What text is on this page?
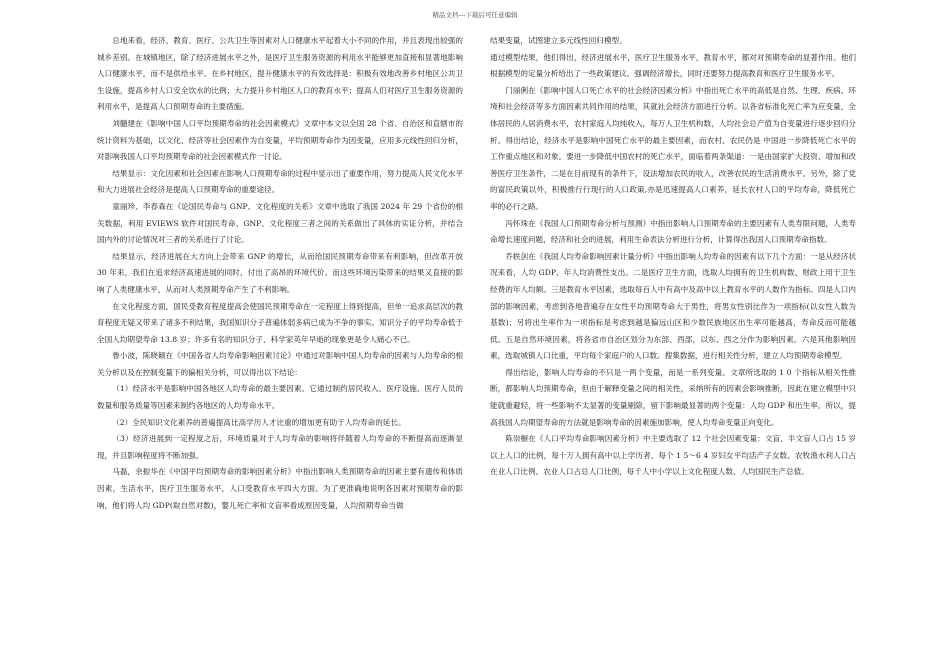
精品文档---下载后可任意编辑

总地来看，经济、教育、医疗、公共卫生等因素对人口健康水平起着大小不同的作用，并且表现出较强的城乡差别。在城镇地区，除了经济进展水平之外，是医疗卫生服务资源的利用水平能够更加直接和显著地影响人口健康水平，而不是供给水平。在乡村地区，提升健康水平的有效选择是：积极有效地改善乡村地区公共卫生设施，提高乡村人口安全饮水的比例；大力提升乡村地区人口的教育水平；提高人们对医疗卫生服务资源的利用水平，是提高人口预期寿命的主要措施。

刘髓建在《影响中国人口平均预期寿命的社会因素模式》文章中本文以全国 28 个省、自治区和直辖市的统计资料为基础，以文化、经济等社会因素作为自变量，平均预期寿命作为因变量，应用多元线性回归分析，对影响我国人口平均预期寿命的社会因素模式作一讨论。

结果显示：文化因素和社会因素在影响人口预期寿命的过程中显示出了重要作用，努力提高人民文化水平和大力进展社会经济是提高人口预期寿命的重要途径。

童丽珍、李春森在《论国民寿命与 GNP、文化程度的关系》文章中选取了我国 2024 年 29 个省份的相关数据，利用 EVIEWS 软件对国民寿命、GNP、文化程度三者之间的关系做出了具体的实证分析，并结合国内外的讨论情况对三者的关系进行了讨论。

结果显示，经济进展在大方向上会带来 GNP 的增长，从而给国民预期寿命带来有利影响，但改革开放 30 年来，我们在追求经济高速进展的同时，付出了高昂的环境代价。而这些环境污染带来的结果又直接的影响了人类健康水平，从而对人类预期寿命产生了不利影响。

在文化程度方面，国民受教育程度提高会使国民预期寿命在一定程度上得到提高，但单一追求高层次的教育程度无疑又带来了诸多不利结果，我国知识分子普遍体弱多病已成为不争的事实。知识分子的平均寿命低于全国人均期望寿命 13.8 岁；许多有名的知识分子、科学家英年早逝的现象更是令人痛心不已。

鲁小波，陈晓颖在《中国各省人均寿命影响因素讨论》中通过对影响中国人均寿命的因素与人均寿命的相关分析以及在控制变量下的偏相关分析，可以得出以下结论：

（1）经济水平是影响中国各地区人均寿命的最主要因素。它通过制约居民收入、医疗设施、医疗人员的数量和服务质量等因素来制约各地区的人均寿命水平。

（2）全民知识文化素养的普遍提高比高学历人才比重的增加更有助于人均寿命的延长。

（3）经济进展到一定程度之后，环境质量对于人均寿命的影响将伴随着人均寿命的不断提高而逐渐显现，并且影响程度将不断加强。

马磊，余振华在《中国平均预期寿命的影响因素分析》中指出影响人类预期寿命的因素主要有遗传和体质因素，生活水平，医疗卫生服务水平，人口受教育水平四大方面。为了更准确地说明各因素对预期寿命的影响，他们将人均 GDP(取自然对数)，婴儿死亡率和文盲率看成原因变量，人均预期寿命当做

结果变量，试图建立多元线性回归模型。

通过模型结果，他们得出，经济进展水平，医疗卫生服务水平，教育水平，都对对预期寿命的显著作用。他们根据模型的定量分析给出了一些政策建议。强调经济增长，同时还要努力提高教育和医疗卫生服务水平。

门丽俐在《影响中国人口死亡水平的社会经济因素分析》中指出死亡水平的高低是自然、生理、疾病、环境和社会经济等多方面因素共同作用的结果，其就社会经济方面进行分析。以各省标准化死亡率为应变量，全体居民的人居消费水平，农村家庭人均纯收入，每万人卫生机构数，人均社会总产值为自变量进行逐步回归分析。得出结论，经济水平是影响中国死亡水平的最主要因素，而农村、农民仍是 中国进一步降低死亡水平的工作重点地区和对象。要进一步降低中国农村的死亡水平，面临着两条渠道：一是由国家扩大投资、增加和改善医疗卫生条件，二是在目前现有的条件下，设法增加农民的收入，改善农民的生活消费水平。另外，除了党的富民政策以外，积极推行行现行的人口政策,亦是迅速提高人口素养，延长农村人口的平均寿命，降低死亡率的必行之路。

冯怀珠在《我国人口预期寿命分析与预测》中指出影响人口预期寿命的主要因素有人类寿限问题，人类寿命增长速度问题，经济和社会的进展，利用生命表法分析进行分析，计算得出我国人口预期寿命指数。

乔轶剑在《我国人均寿命影响因素计量分析》中指出影响人均寿命的因素有以下几个方面：一是从经济状况来看，人均 GDP、年人均消费性支出。二是医疗卫生方面，选取人均拥有的卫生机构数、财政上用于卫生经费的年人均额。三是教育水平因素，选取每百人中有高中及高中以上教育水平的人数作为指标。四是人口内部的影响因素，考虑到各地普遍存在女性平均预期寿命大于男性，将男女性别比作为一项指标(以女性人数为基数)；另将出生率作为一项指标是考虑到越是偏远山区和少数民族地区出生率可能越高，寿命反而可能越低。五是自然环境因素，将各省市自治区划分为东部、西部，以东、西之分作为影响因素。六是其他影响因素，选取城镇人口比重，平均每个家庭户的人口数。搜集数据，进行相关性分析，建立人均预期寿命模型。

得出结论，影响人均寿命的不只是一两个变量，而是一系列变量。文章所选取的 1 0 个指标从相关性推断，都影响人均预期寿命，但由于解释变量之间的相关性，采纳所有的因素会影响推断，因此在建立模型中只能就重避轻，将一些影响不太显著的变量剔除，留下影响最显著的两个变量：人均 GDP 和出生率。所以，提高我国人均期望寿命的方法就是影响寿命的因素施加影响，使人均寿命变量正向变化。

陈崇橱在《人口平均寿命影响因素分析》中主要选取了 12 个社会因素变量：文盲、半文盲人口占 15 岁以上人口的比例，每十万人拥有高中以上学历者、每个 1 5～6 4 岁妇女平均活产子女数、农牧渔水利人口占在业人口比例、农业人口占总人口比例，每千人中小学以上文化程度人数、人均国民生产总值、
